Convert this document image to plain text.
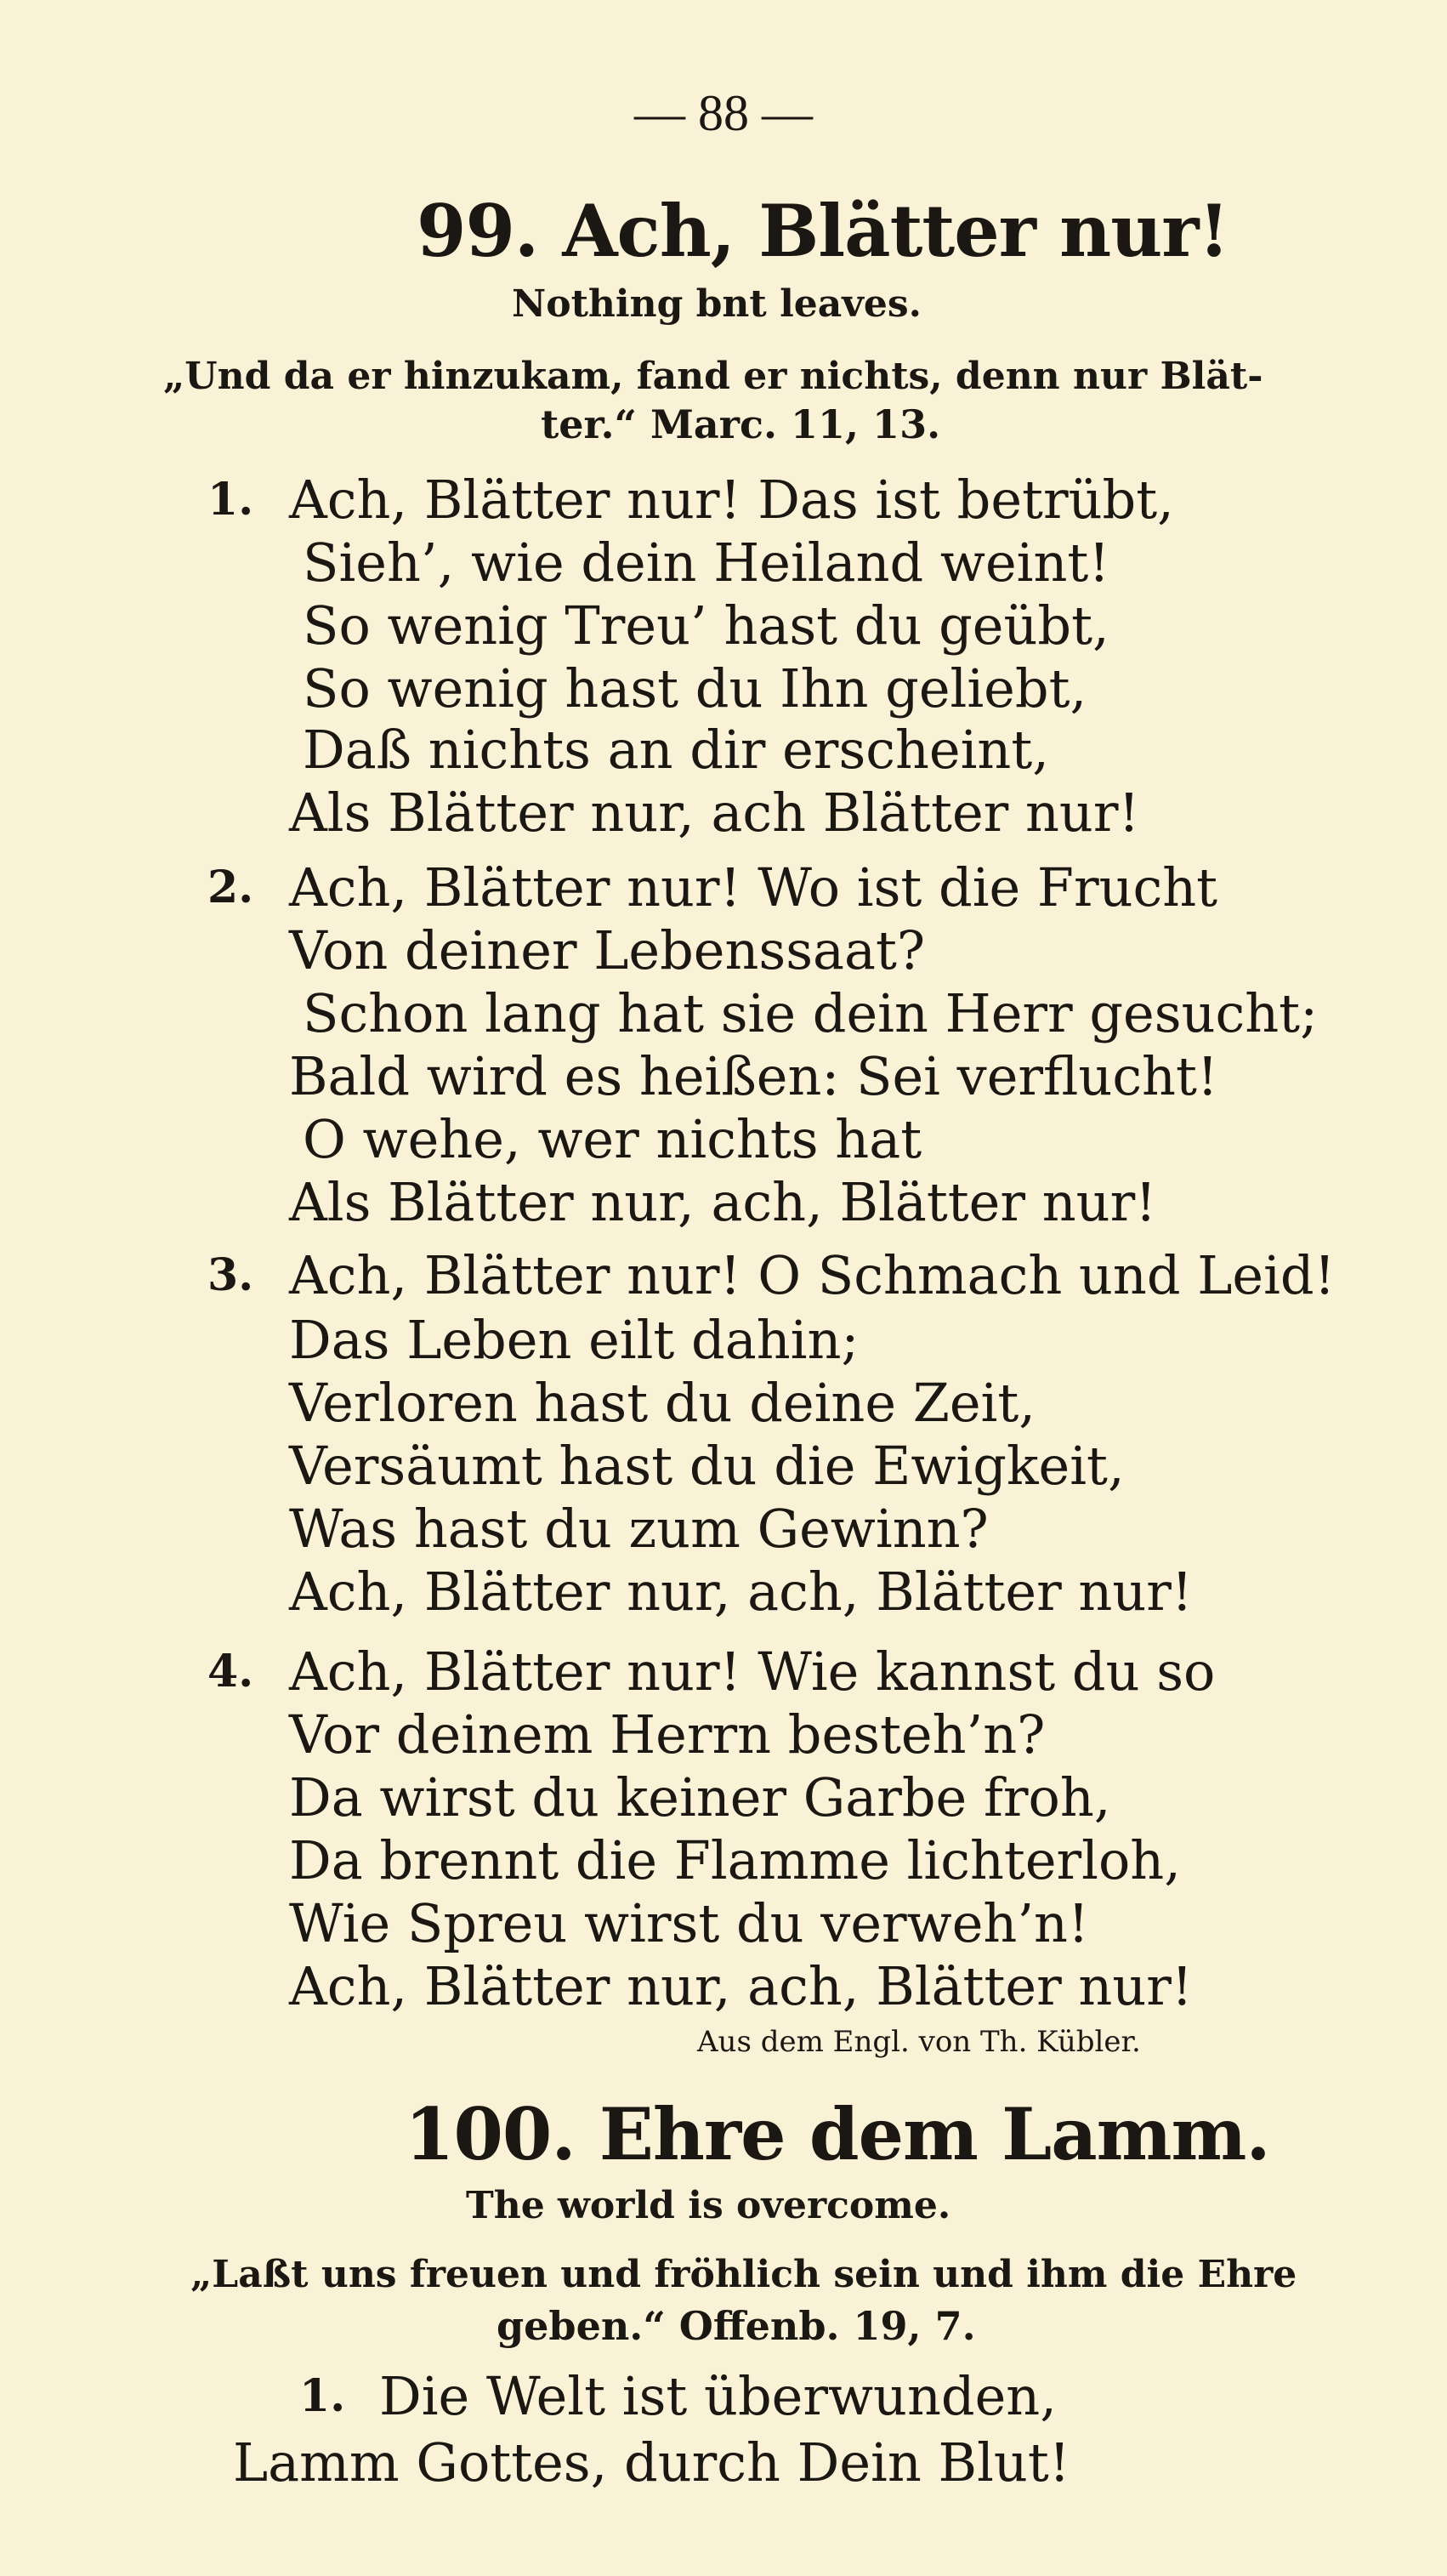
— 88 —
99. Ach, Blätter nur!
Nothing bnt leaves.
„Und da er hinzukam, fand er nichts, denn nur Blät-
ter.“ Marc. 11, 13.
1. Ach, Blätter nur! Das ist betrübt,
Sieh’, wie dein Heiland weint!
So wenig Treu’ hast du geübt,
So wenig hast du Ihn geliebt,
Daß nichts an dir erscheint,
Als Blätter nur, ach Blätter nur!
2. Ach, Blätter nur! Wo ist die Frucht
Von deiner Lebenssaat?
Schon lang hat sie dein Herr gesucht;
Bald wird es heißen: Sei verflucht!
O wehe, wer nichts hat
Als Blätter nur, ach, Blätter nur!
3. Ach, Blätter nur! O Schmach und Leid!
Das Leben eilt dahin;
Verloren hast du deine Zeit,
Versäumt hast du die Ewigkeit,
Was hast du zum Gewinn?
Ach, Blätter nur, ach, Blätter nur!
4. Ach, Blätter nur! Wie kannst du so
Vor deinem Herrn besteh’n?
Da wirst du keiner Garbe froh,
Da brennt die Flamme lichterloh,
Wie Spreu wirst du verweh’n!
Ach, Blätter nur, ach, Blätter nur!
Aus dem Engl. von Th. Kübler.
100. Ehre dem Lamm.
The world is overcome.
„Laßt uns freuen und fröhlich sein und ihm die Ehre
geben.“ Offenb. 19, 7.
1. Die Welt ist überwunden,
Lamm Gottes, durch Dein Blut!
